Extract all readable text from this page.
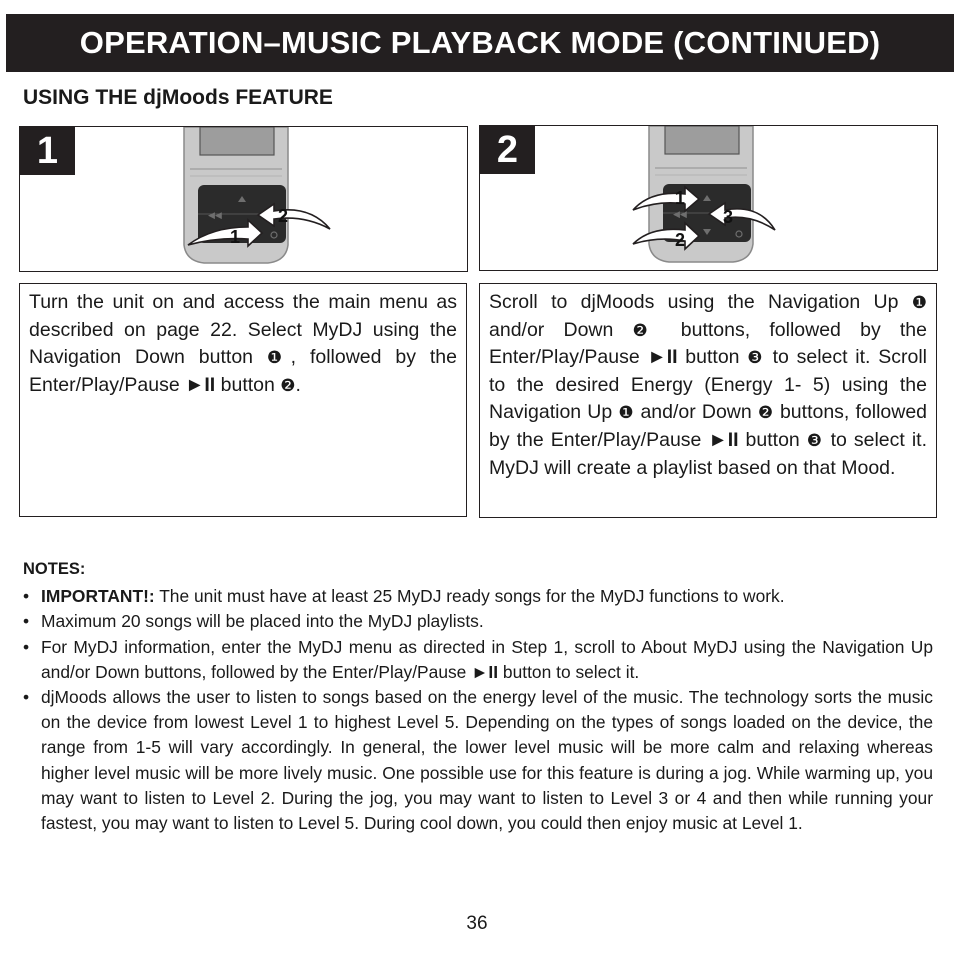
OPERATION–MUSIC PLAYBACK MODE (CONTINUED)
USING THE djMoods FEATURE
1
◀◀
1
2
2
◀◀
1
2
3
Turn the unit on and access the main menu as described on page 22. Select MyDJ using the Navigation Down button ❶, followed by the Enter/Play/Pause ►II button ❷.
Scroll to djMoods using the Navigation Up ❶ and/or Down ❷ buttons, followed by the Enter/Play/Pause ►II button ❸ to select it. Scroll to the desired Energy (Energy 1- 5) using the Navigation Up ❶ and/or Down ❷ buttons, followed by the Enter/Play/Pause ►II button ❸ to select it. MyDJ will create a playlist based on that Mood.
NOTES:
• IMPORTANT!: The unit must have at least 25 MyDJ ready songs for the MyDJ functions to work.
• Maximum 20 songs will be placed into the MyDJ playlists.
• For MyDJ information, enter the MyDJ menu as directed in Step 1, scroll to About MyDJ using the Navigation Up and/or Down buttons, followed by the Enter/Play/Pause ►II button to select it.
• djMoods allows the user to listen to songs based on the energy level of the music. The technology sorts the music on the device from lowest Level 1 to highest Level 5. Depending on the types of songs loaded on the device, the range from 1-5 will vary accordingly. In general, the lower level music will be more calm and relaxing whereas higher level music will be more lively music. One possible use for this feature is during a jog. While warming up, you may want to listen to Level 2. During the jog, you may want to listen to Level 3 or 4 and then while running your fastest, you may want to listen to Level 5. During cool down, you could then enjoy music at Level 1.
36
